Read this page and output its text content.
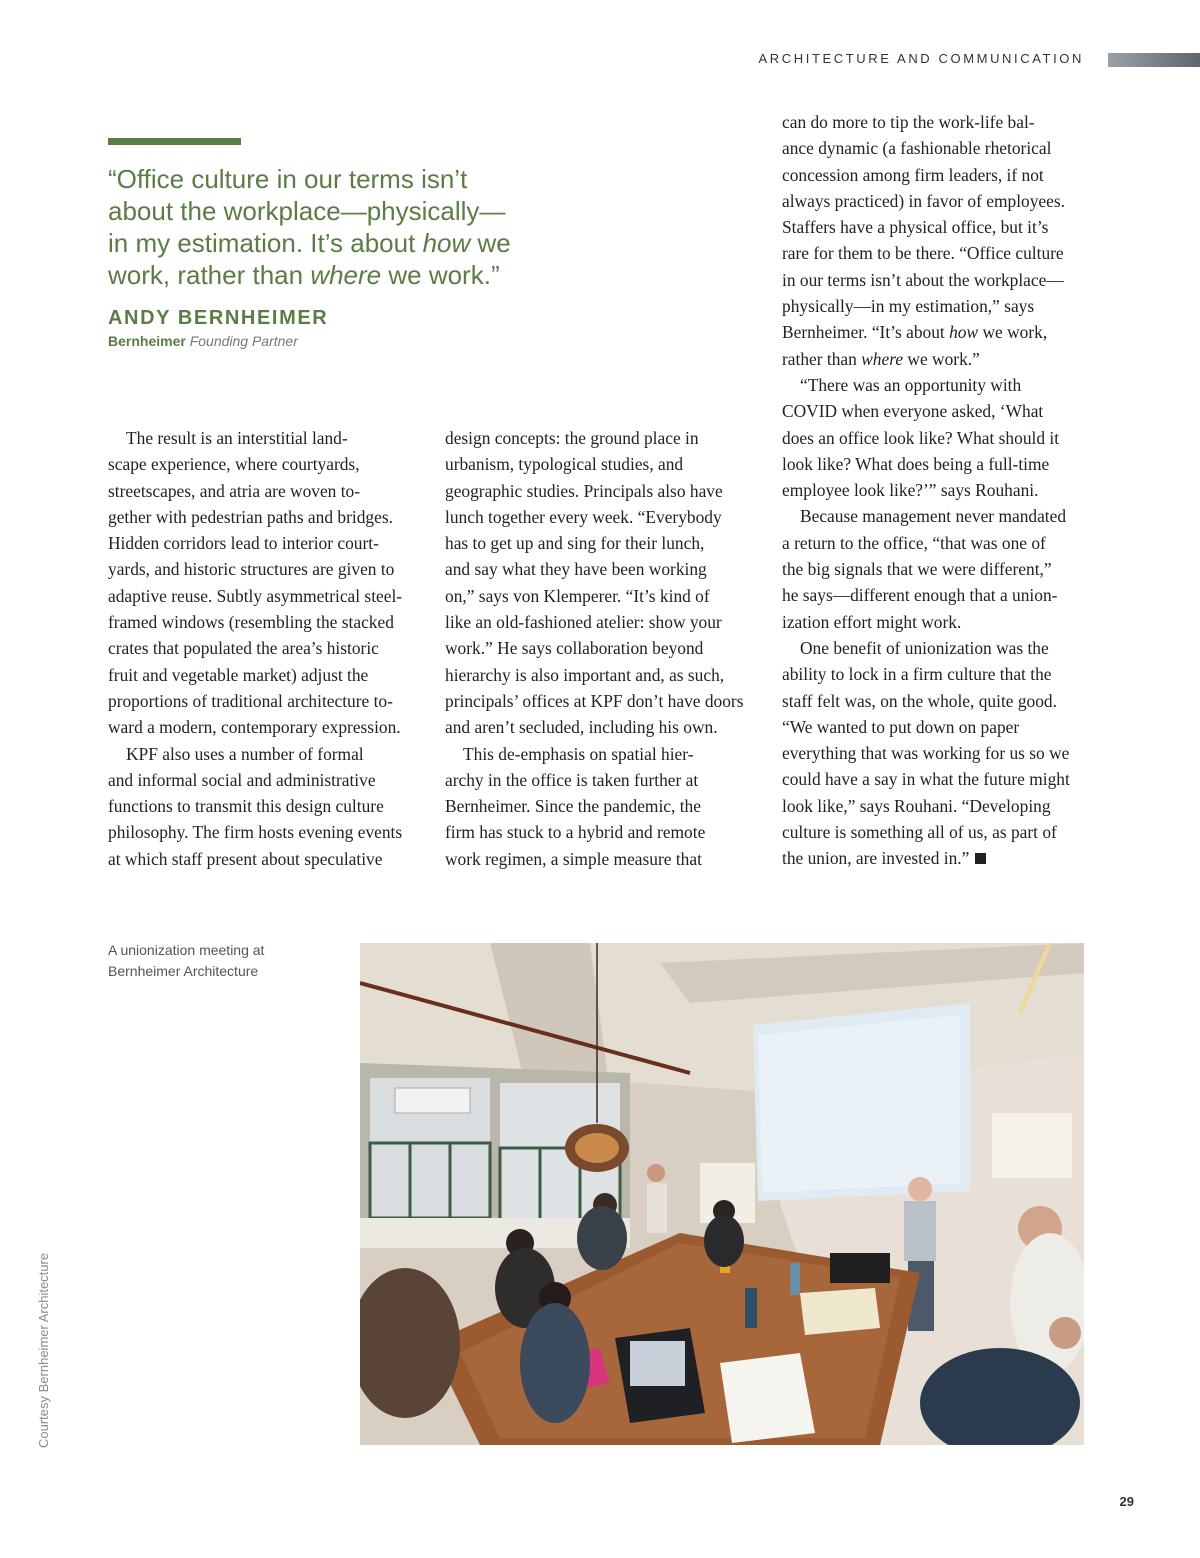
ARCHITECTURE AND COMMUNICATION
“Office culture in our terms isn’t
about the workplace—physically—
in my estimation. It’s about how we
work, rather than where we work.”
ANDY BERNHEIMER
Bernheimer Founding Partner
The result is an interstitial land-
scape experience, where courtyards,
streetscapes, and atria are woven to-
gether with pedestrian paths and bridges.
Hidden corridors lead to interior court-
yards, and historic structures are given to
adaptive reuse. Subtly asymmetrical steel-
framed windows (resembling the stacked
crates that populated the area’s historic
fruit and vegetable market) adjust the
proportions of traditional architecture to-
ward a modern, contemporary expression.
KPF also uses a number of formal
and informal social and administrative
functions to transmit this design culture
philosophy. The firm hosts evening events
at which staff present about speculative
design concepts: the ground place in
urbanism, typological studies, and
geographic studies. Principals also have
lunch together every week. “Everybody
has to get up and sing for their lunch,
and say what they have been working
on,” says von Klemperer. “It’s kind of
like an old-fashioned atelier: show your
work.” He says collaboration beyond
hierarchy is also important and, as such,
principals’ offices at KPF don’t have doors
and aren’t secluded, including his own.
This de-emphasis on spatial hier-
archy in the office is taken further at
Bernheimer. Since the pandemic, the
firm has stuck to a hybrid and remote
work regimen, a simple measure that
can do more to tip the work-life bal-
ance dynamic (a fashionable rhetorical
concession among firm leaders, if not
always practiced) in favor of employees.
Staffers have a physical office, but it’s
rare for them to be there. “Office culture
in our terms isn’t about the workplace—
physically—in my estimation,” says
Bernheimer. “It’s about how we work,
rather than where we work.”
“There was an opportunity with
COVID when everyone asked, ‘What
does an office look like? What should it
look like? What does being a full-time
employee look like?’” says Rouhani.
Because management never mandated
a return to the office, “that was one of
the big signals that we were different,”
he says—different enough that a union-
ization effort might work.
One benefit of unionization was the
ability to lock in a firm culture that the
staff felt was, on the whole, quite good.
“We wanted to put down on paper
everything that was working for us so we
could have a say in what the future might
look like,” says Rouhani. “Developing
culture is something all of us, as part of
the union, are invested in.”
A unionization meeting at
Bernheimer Architecture
Courtesy Bernheimer Architecture
29
